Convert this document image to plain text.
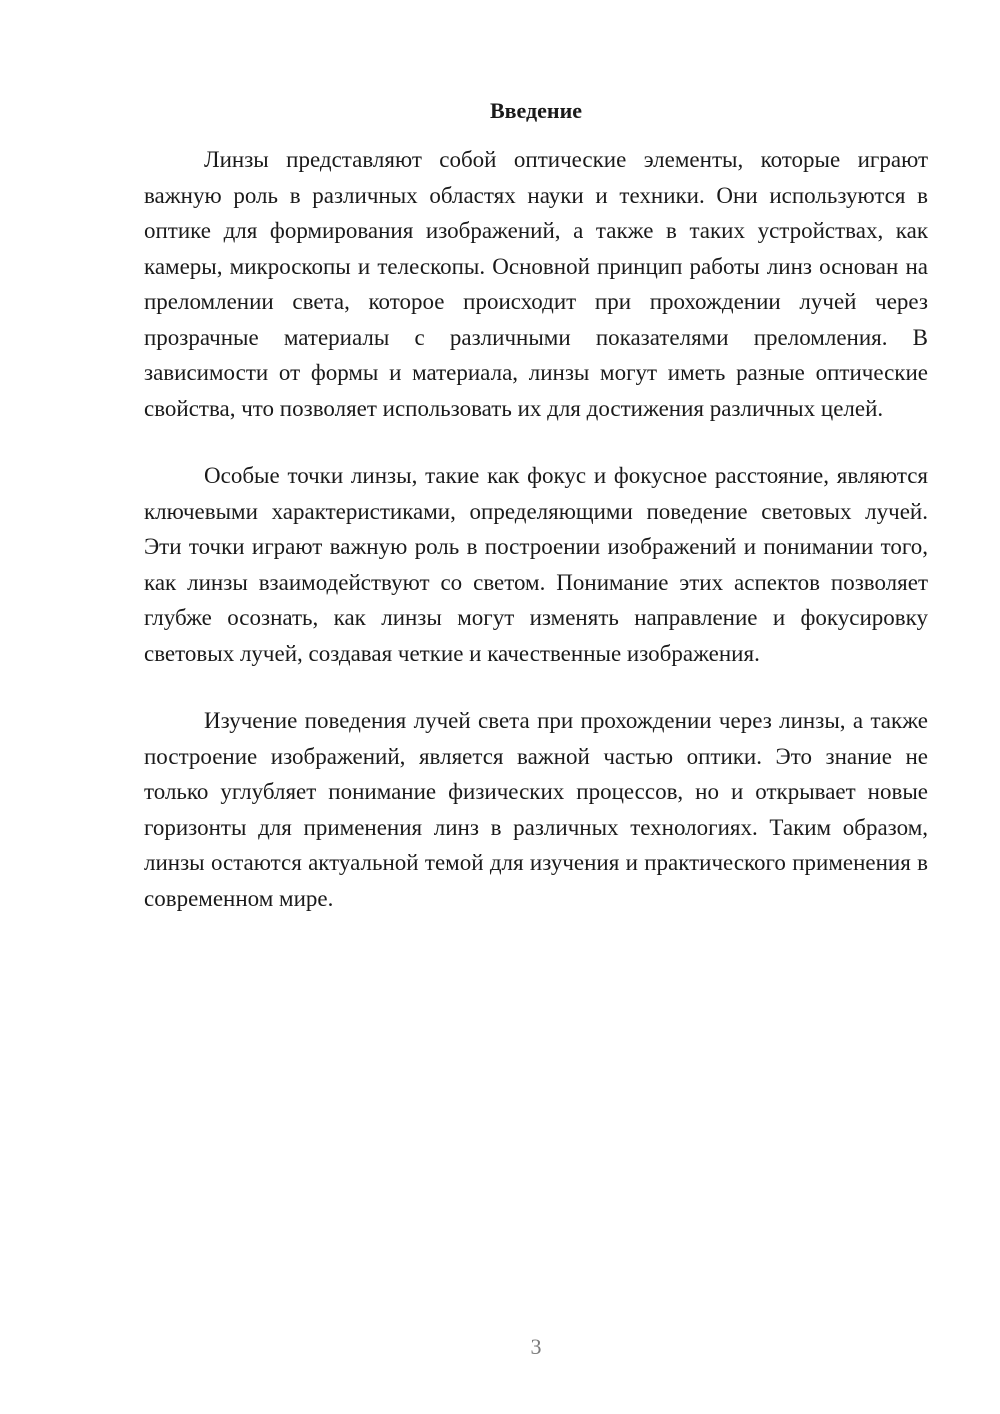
Введение

Линзы представляют собой оптические элементы, которые играют важную роль в различных областях науки и техники. Они используются в оптике для формирования изображений, а также в таких устройствах, как камеры, микроскопы и телескопы. Основной принцип работы линз основан на преломлении света, которое происходит при прохождении лучей через прозрачные материалы с различными показателями преломления. В зависимости от формы и материала, линзы могут иметь разные оптические свойства, что позволяет использовать их для достижения различных целей.

Особые точки линзы, такие как фокус и фокусное расстояние, являются ключевыми характеристиками, определяющими поведение световых лучей. Эти точки играют важную роль в построении изображений и понимании того, как линзы взаимодействуют со светом. Понимание этих аспектов позволяет глубже осознать, как линзы могут изменять направление и фокусировку световых лучей, создавая четкие и качественные изображения.

Изучение поведения лучей света при прохождении через линзы, а также построение изображений, является важной частью оптики. Это знание не только углубляет понимание физических процессов, но и открывает новые горизонты для применения линз в различных технологиях. Таким образом, линзы остаются актуальной темой для изучения и практического применения в современном мире.

3
